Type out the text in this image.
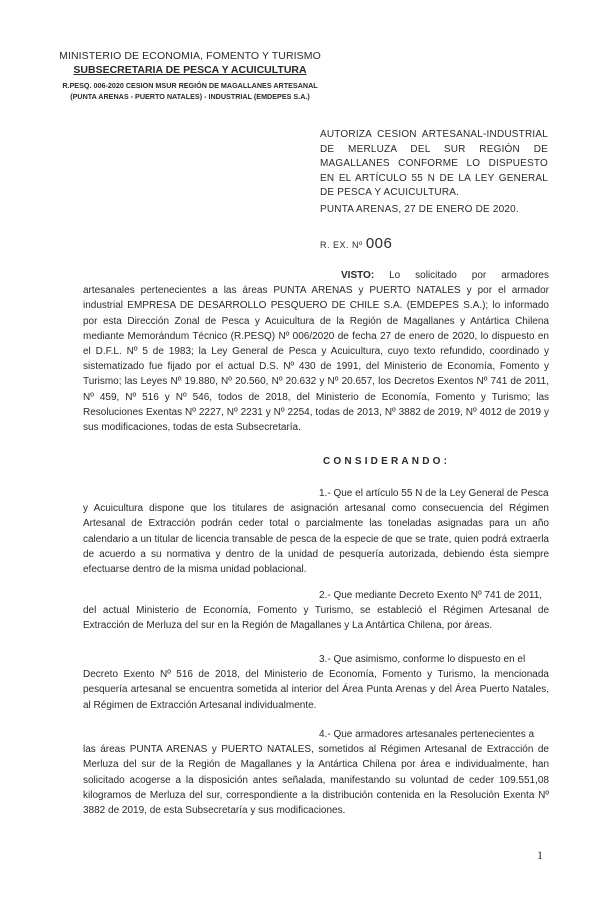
MINISTERIO DE ECONOMIA, FOMENTO Y TURISMO
SUBSECRETARIA DE PESCA Y ACUICULTURA
R.PESQ. 006-2020 CESION MSUR REGIÓN DE MAGALLANES ARTESANAL (PUNTA ARENAS - PUERTO NATALES) - INDUSTRIAL (EMDEPES S.A.)
AUTORIZA CESION ARTESANAL-INDUSTRIAL DE MERLUZA DEL SUR REGIÓN DE MAGALLANES CONFORME LO DISPUESTO EN EL ARTÍCULO 55 N DE LA LEY GENERAL DE PESCA Y ACUICULTURA.
PUNTA ARENAS, 27 DE ENERO DE 2020.
R. EX. Nº 006
VISTO: Lo solicitado por armadores artesanales pertenecientes a las áreas PUNTA ARENAS y PUERTO NATALES y por el armador industrial EMPRESA DE DESARROLLO PESQUERO DE CHILE S.A. (EMDEPES S.A.); lo informado por esta Dirección Zonal de Pesca y Acuicultura de la Región de Magallanes y Antártica Chilena mediante Memorándum Técnico (R.PESQ) Nº 006/2020 de fecha 27 de enero de 2020, lo dispuesto en el D.F.L. Nº 5 de 1983; la Ley General de Pesca y Acuicultura, cuyo texto refundido, coordinado y sistematizado fue fijado por el actual D.S. Nº 430 de 1991, del Ministerio de Economía, Fomento y Turismo; las Leyes Nº 19.880, Nº 20.560, Nº 20.632 y Nº 20.657, los Decretos Exentos Nº 741 de 2011, Nº 459, Nº 516 y Nº 546, todos de 2018, del Ministerio de Economía, Fomento y Turismo; las Resoluciones Exentas Nº 2227, Nº 2231 y Nº 2254, todas de 2013, Nº 3882 de 2019, Nº 4012 de 2019 y sus modificaciones, todas de esta Subsecretaría.
CONSIDERANDO:
1.- Que el artículo 55 N de la Ley General de Pesca
y Acuicultura dispone que los titulares de asignación artesanal como consecuencia del Régimen Artesanal de Extracción podrán ceder total o parcialmente las toneladas asignadas para un año calendario a un titular de licencia transable de pesca de la especie de que se trate, quien podrá extraerla de acuerdo a su normativa y dentro de la unidad de pesquería autorizada, debiendo ésta siempre efectuarse dentro de la misma unidad poblacional.
2.- Que mediante Decreto Exento Nº 741 de 2011,
del actual Ministerio de Economía, Fomento y Turismo, se estableció el Régimen Artesanal de Extracción de Merluza del sur en la Región de Magallanes y La Antártica Chilena, por áreas.
3.- Que asimismo, conforme lo dispuesto en el
Decreto Exento Nº 516 de 2018, del Ministerio de Economía, Fomento y Turismo, la mencionada pesquería artesanal se encuentra sometida al interior del Área Punta Arenas y del Área Puerto Natales, al Régimen de Extracción Artesanal individualmente.
4.- Que armadores artesanales pertenecientes a
las áreas PUNTA ARENAS y PUERTO NATALES, sometidos al Régimen Artesanal de Extracción de Merluza del sur de la Región de Magallanes y la Antártica Chilena por área e individualmente, han solicitado acogerse a la disposición antes señalada, manifestando su voluntad de ceder 109.551,08 kilogramos de Merluza del sur, correspondiente a la distribución contenida en la Resolución Exenta Nº 3882 de 2019, de esta Subsecretaría y sus modificaciones.
1
